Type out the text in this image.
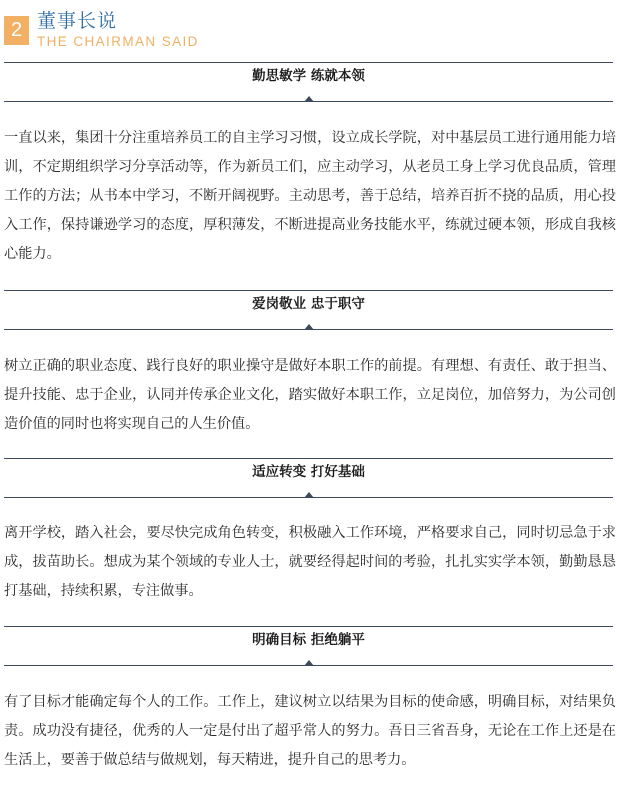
2 董事长说
THE CHAIRMAN SAID
勤思敏学 练就本领

一直以来，集团十分注重培养员工的自主学习习惯，设立成长学院，对中基层员工进行通用能力培训，不定期组织学习分享活动等，作为新员工们，应主动学习，从老员工身上学习优良品质，管理工作的方法；从书本中学习，不断开阔视野。主动思考，善于总结，培养百折不挠的品质，用心投入工作，保持谦逊学习的态度，厚积薄发，不断进提高业务技能水平，练就过硬本领，形成自我核心能力。

爱岗敬业 忠于职守

树立正确的职业态度、践行良好的职业操守是做好本职工作的前提。有理想、有责任、敢于担当、提升技能、忠于企业，认同并传承企业文化，踏实做好本职工作，立足岗位，加倍努力，为公司创造价值的同时也将实现自己的人生价值。

适应转变 打好基础

离开学校，踏入社会，要尽快完成角色转变，积极融入工作环境，严格要求自己，同时切忌急于求成，拔苗助长。想成为某个领域的专业人士，就要经得起时间的考验，扎扎实实学本领，勤勤恳恳打基础，持续积累，专注做事。

明确目标 拒绝躺平

有了目标才能确定每个人的工作。工作上，建议树立以结果为目标的使命感，明确目标，对结果负责。成功没有捷径，优秀的人一定是付出了超乎常人的努力。吾日三省吾身，无论在工作上还是在生活上，要善于做总结与做规划，每天精进，提升自己的思考力。
